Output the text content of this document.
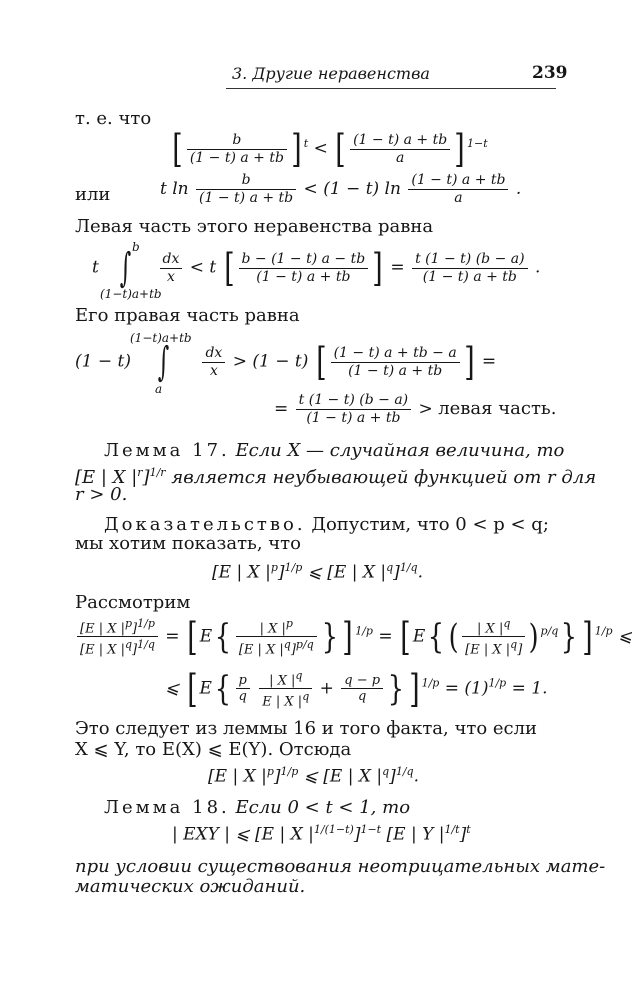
3. Другие неравенства	239
т. е. что
[ $\frac{b}{(1 - t) a + tb}$ ] $^t$ < [ $\frac{(1 - t) a + tb}{a}$ ] $^{1-t}$
или	t $\ln \frac{b}{(1 - t) a + tb} < (1 - t)$ $\ln \frac{(1 - t) a + tb}{a}$ .
Левая часть этого неравенства равна
b
(1−t)a+tb
t   ∫ $\frac{dx}{x} < t$ [ $\frac{b - (1 - t) a - tb}{(1 - t) a + tb}$ ] = $\frac{t (1 - t) (b - a)}{(1 - t) a + tb}$ .
Его правая часть равна
(1−t)a+tb
a
(1 − t)    ∫ $\frac{dx}{x} > (1 - t)$ [ $\frac{(1 - t) a + tb - a}{(1 - t) a + tb}$ ] =
= $\frac{t (1 - t) (b - a)}{(1 - t) a + tb}$ > левая часть.
Лемма 17. Если X — случайная величина, то
[E | X $|^r]^{1/r}$ является неубывающей функцией от r для
r > 0.
Доказательство. Допустим, что 0 < p < q;
мы хотим показать, что
[E | X $|^p]^{1/p}$ ⩽ [E | X $|^q]^{1/q}$.
Рассмотрим
$\frac{[E | X |^p]^{1/p}}{[E | X |^q]^{1/q}}$ = [ $E\{ \frac{| X |^p}{[E | X |^q]^{p/q}}$ } ] $^{1/p}$ = [ E{ ( $\frac{| X |^q}{[E | X |^q]}$ ) $^{p/q}$} ] $^{1/p}$ ⩽
⩽ [ $E\{ \frac{p}{q}$
$\frac{| X |^q}{E | X |^q} + \frac{q - p}{q}$ } ] $^{1/p} = (1)^{1/p} = 1$.
Это следует из леммы 16 и того факта, что если
X ⩽ Y, то E(X) ⩽ E(Y). Отсюда
[E | X $|^p]^{1/p}$ ⩽ [E | X $|^q]^{1/q}$.
Лемма 18. Если 0 < t < 1, то
| EXY | ⩽ [E | X $|^{1/(1-t)}]^{1-t}$ [E | Y $|^{1/t}]^t$
при условии существования неотрицательных мате-
матических ожиданий.
